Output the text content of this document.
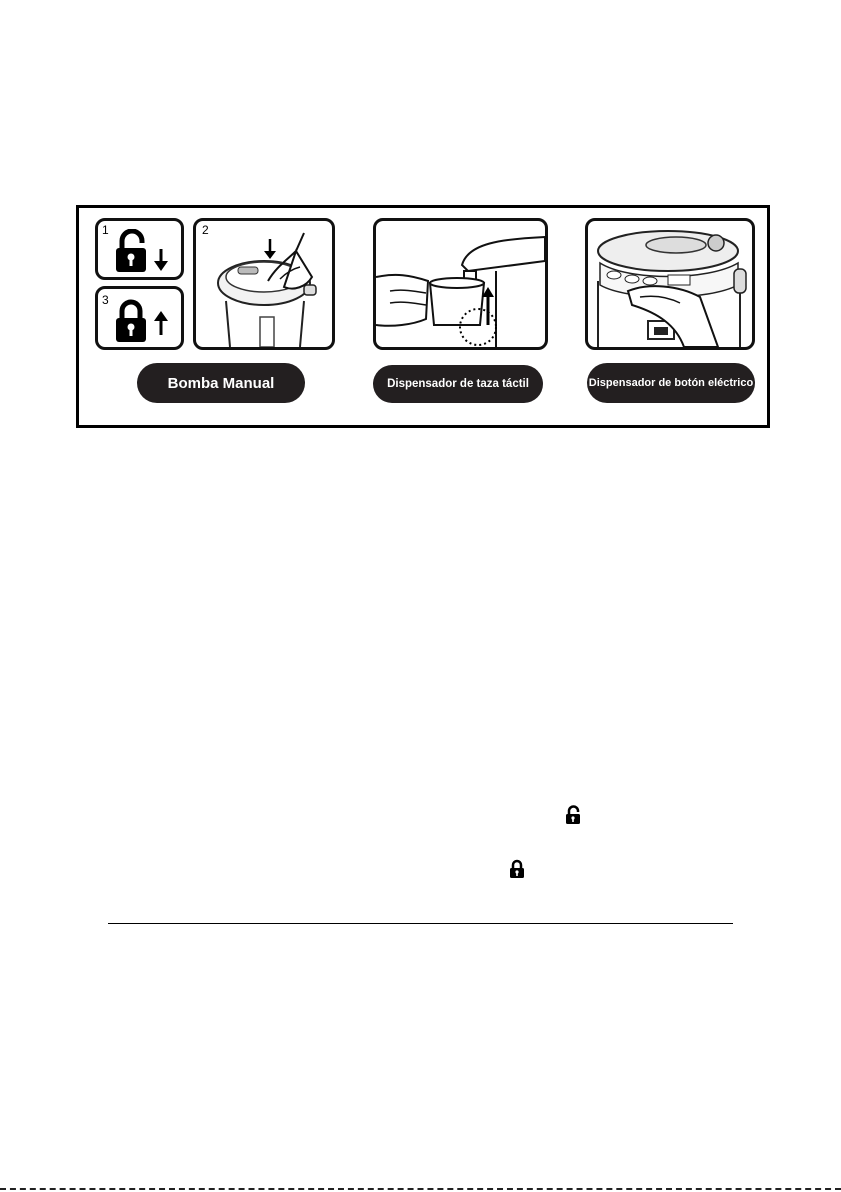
1
3
2
Bomba Manual	Dispensador de taza táctil	Dispensador de botón eléctrico
